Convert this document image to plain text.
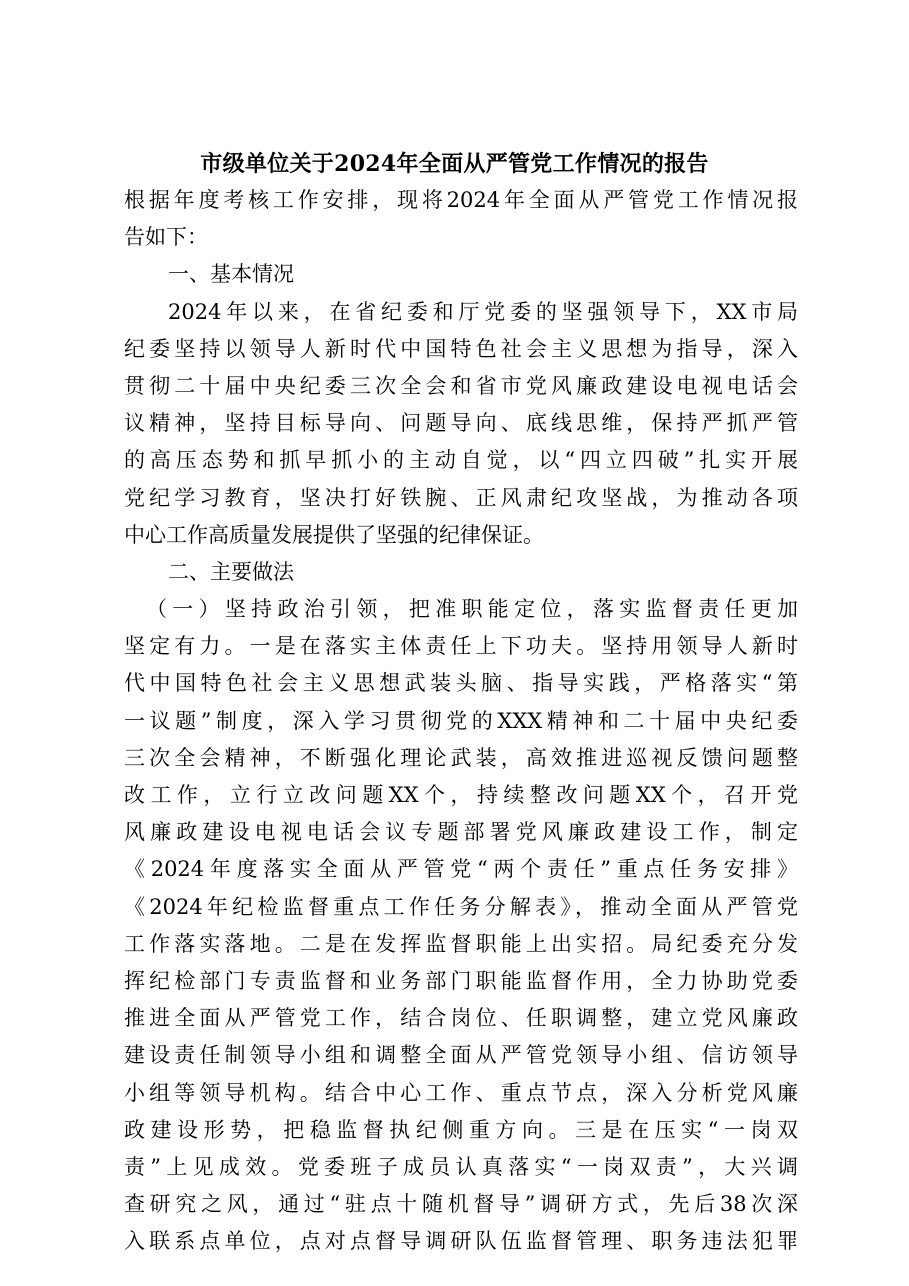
市级单位关于2024年全面从严管党工作情况的报告
根据年度考核工作安排，现将2024年全面从严管党工作情况报
告如下：
一、基本情况
2024年以来，在省纪委和厅党委的坚强领导下，XX市局
纪委坚持以领导人新时代中国特色社会主义思想为指导，深入
贯彻二十届中央纪委三次全会和省市党风廉政建设电视电话会
议精神，坚持目标导向、问题导向、底线思维，保持严抓严管
的高压态势和抓早抓小的主动自觉，以“四立四破”扎实开展
党纪学习教育，坚决打好铁腕、正风肃纪攻坚战，为推动各项
中心工作高质量发展提供了坚强的纪律保证。
二、主要做法
（一）坚持政治引领，把准职能定位，落实监督责任更加
坚定有力。一是在落实主体责任上下功夫。坚持用领导人新时
代中国特色社会主义思想武装头脑、指导实践，严格落实“第
一议题”制度，深入学习贯彻党的XXX精神和二十届中央纪委
三次全会精神，不断强化理论武装，高效推进巡视反馈问题整
改工作，立行立改问题XX个，持续整改问题XX个，召开党
风廉政建设电视电话会议专题部署党风廉政建设工作，制定
《2024年度落实全面从严管党“两个责任”重点任务安排》
《2024年纪检监督重点工作任务分解表》，推动全面从严管党
工作落实落地。二是在发挥监督职能上出实招。局纪委充分发
挥纪检部门专责监督和业务部门职能监督作用，全力协助党委
推进全面从严管党工作，结合岗位、任职调整，建立党风廉政
建设责任制领导小组和调整全面从严管党领导小组、信访领导
小组等领导机构。结合中心工作、重点节点，深入分析党风廉
政建设形势，把稳监督执纪侧重方向。三是在压实“一岗双
责”上见成效。党委班子成员认真落实“一岗双责”，大兴调
查研究之风，通过“驻点十随机督导”调研方式，先后38次深
入联系点单位，点对点督导调研队伍监督管理、职务违法犯罪
